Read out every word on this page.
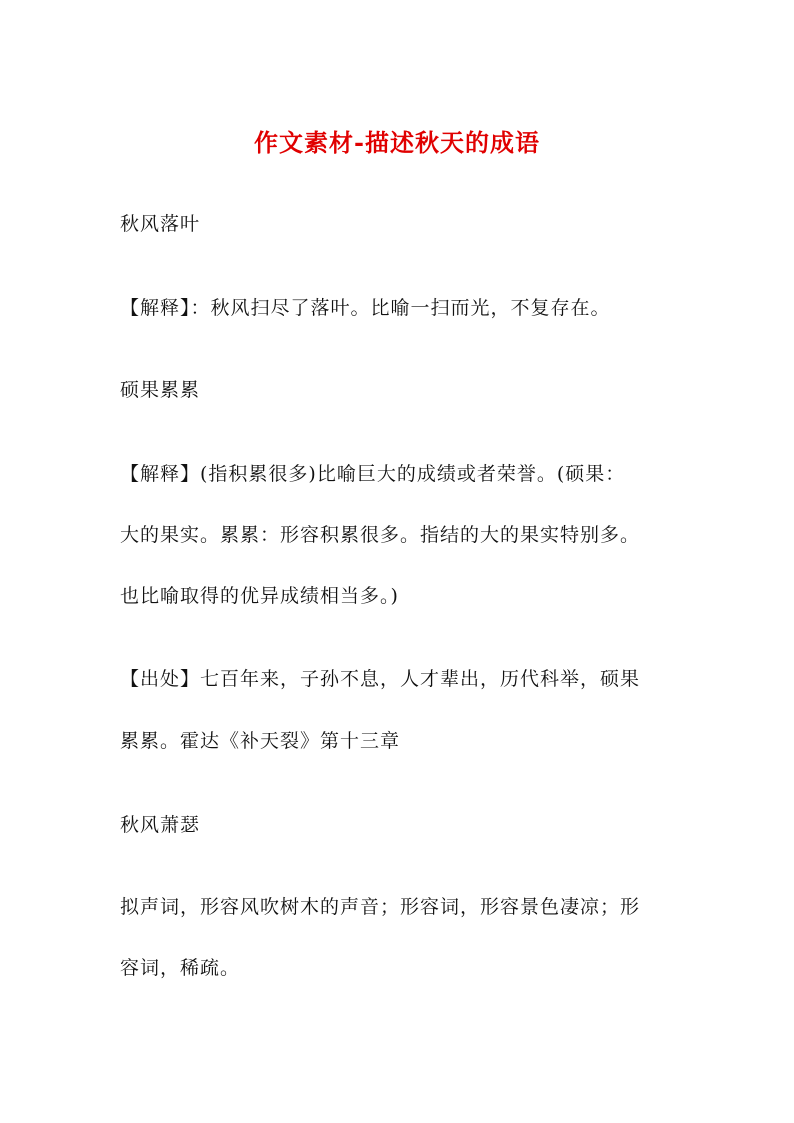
作文素材-描述秋天的成语
秋风落叶
【解释】：秋风扫尽了落叶。比喻一扫而光，不复存在。
硕果累累
【解释】(指积累很多)比喻巨大的成绩或者荣誉。(硕果：
大的果实。累累：形容积累很多。指结的大的果实特别多。
也比喻取得的优异成绩相当多。)
【出处】七百年来，子孙不息，人才辈出，历代科举，硕果
累累。霍达《补天裂》第十三章
秋风萧瑟
拟声词，形容风吹树木的声音；形容词，形容景色凄凉；形
容词，稀疏。
